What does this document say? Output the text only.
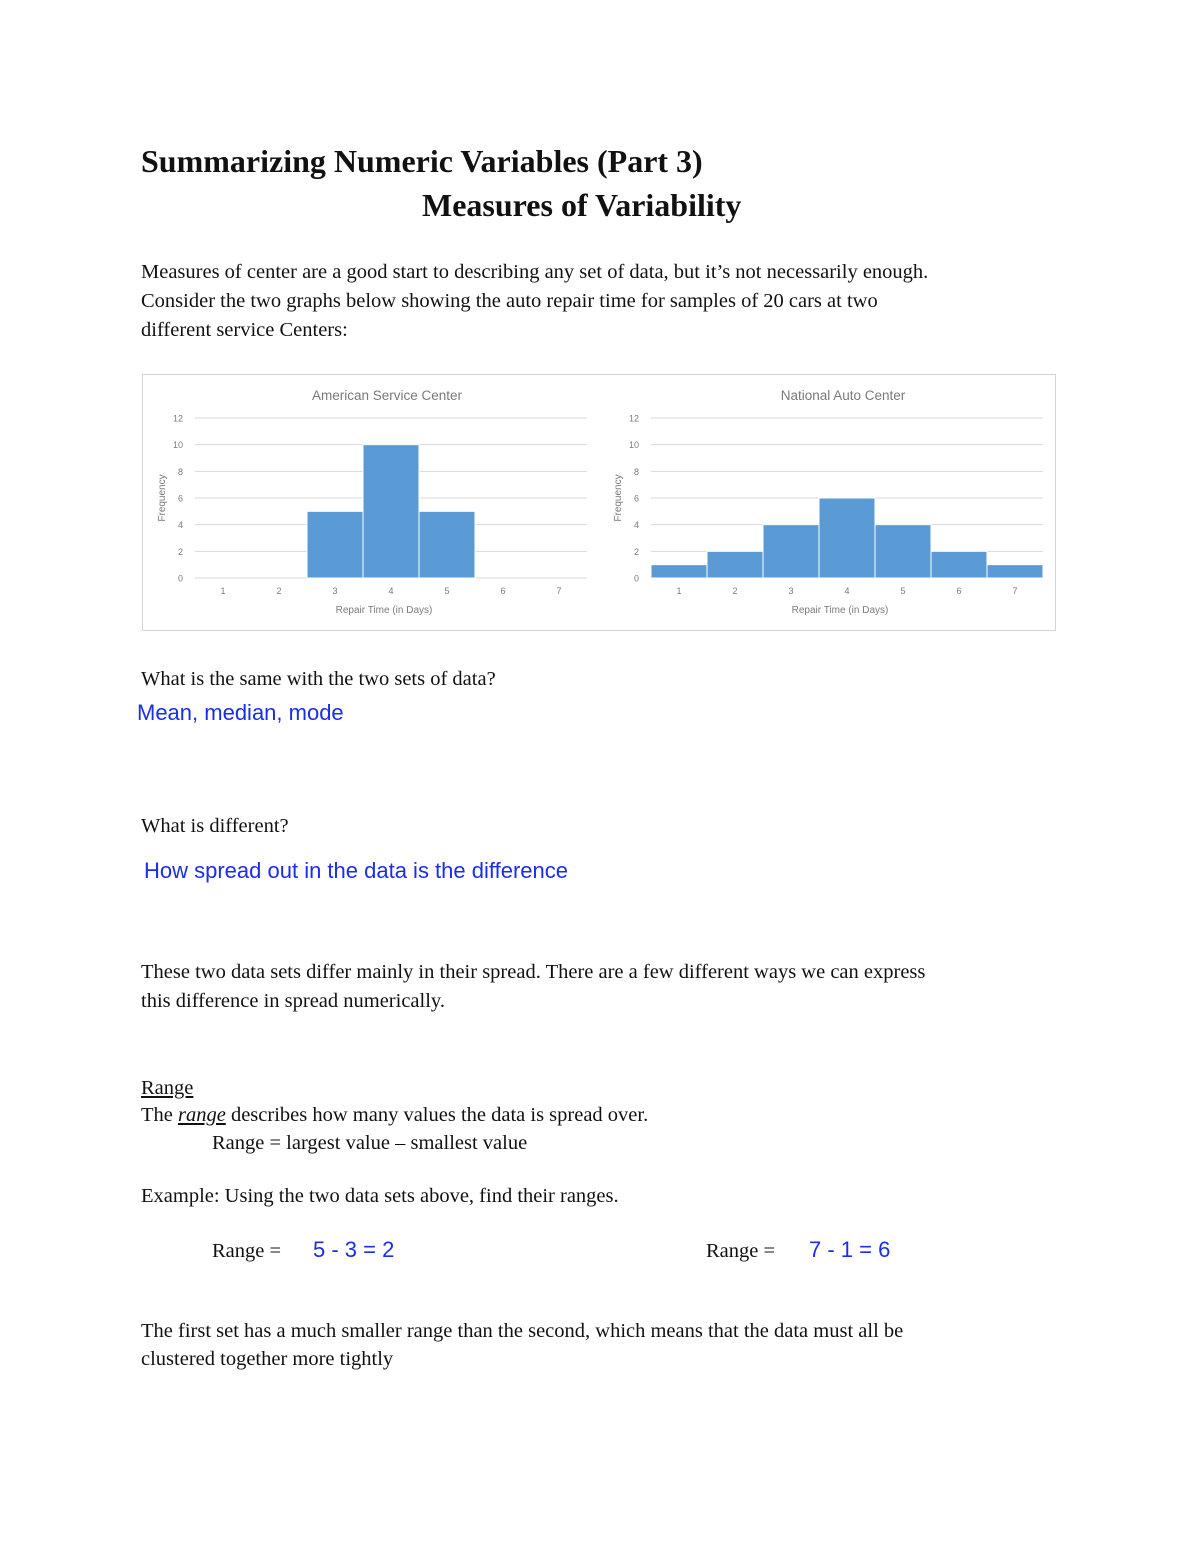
Summarizing Numeric Variables (Part 3)
Measures of Variability
Measures of center are a good start to describing any set of data, but it’s not necessarily enough.
Consider the two graphs below showing the auto repair time for samples of 20 cars at two
different service Centers:
American Service Center
0
2
4
6
8
10
12
1	2	3	4	5	6	7
Repair Time (in Days)
Frequency
National Auto Center
0
2
4
6
8
10
12
1	2	3	4	5	6	7
Repair Time (in Days)
Frequency
What is the same with the two sets of data?
Mean, median, mode
What is different?
How spread out in the data is the difference
These two data sets differ mainly in their spread. There are a few different ways we can express
this difference in spread numerically.
Range
The range describes how many values the data is spread over.
Range = largest value – smallest value
Example: Using the two data sets above, find their ranges.
Range = 5 - 3 = 2	Range = 7 - 1 = 6
The first set has a much smaller range than the second, which means that the data must all be
clustered together more tightly
